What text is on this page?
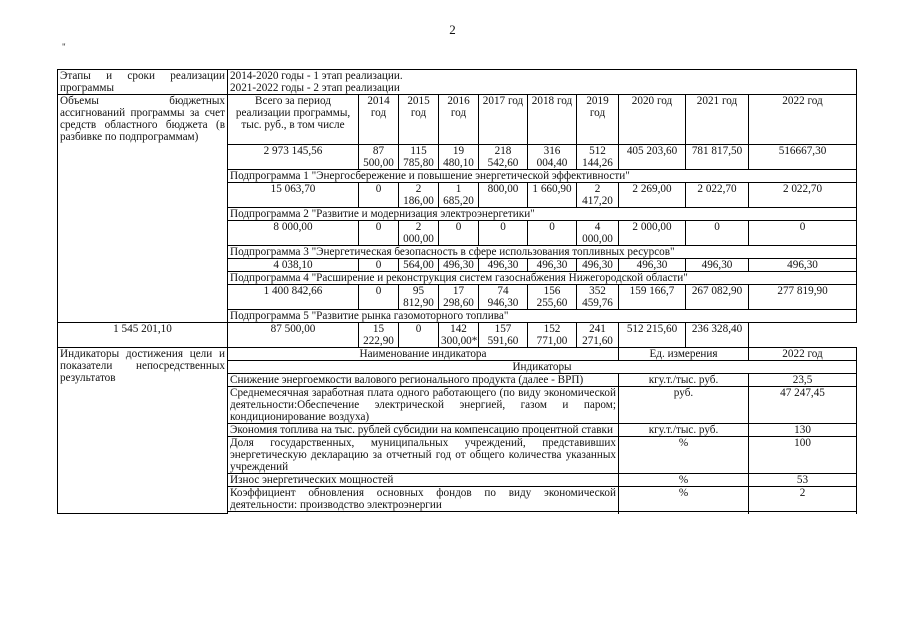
2
"
Этапы и сроки реализации программы	2014-2020 годы - 1 этап реализации.
2021-2022 годы - 2 этап реализации									

Объемы бюджетных ассигнований программы за счет средств областного бюджета (в разбивке по подпрограммам)	Всего за период реализации программы, тыс. руб., в том числе	2014 год	2015 год	2016 год	2017 год	2018 год	2019 год	2020 год	2021 год	2022 год
	2 973 145,56	87 500,00	115 785,80	19 480,10	218 542,60	316 004,40	512 144,26	405 203,60	781 817,50	516667,30
	Подпрограмма 1 "Энергосбережение и повышение энергетической эффективности"									
	15 063,70	0	2 186,00	1 685,20	800,00	1 660,90	2 417,20	2 269,00	2 022,70	2 022,70
	Подпрограмма 2 "Развитие и модернизация электроэнергетики"									
	8 000,00	0	2 000,00	0	0	0	4 000,00	2 000,00	0	0
	Подпрограмма 3 "Энергетическая безопасность в сфере использования топливных ресурсов"									
	4 038,10	0	564,00	496,30	496,30	496,30	496,30	496,30	496,30	496,30
	Подпрограмма 4 "Расширение и реконструкция систем газоснабжения Нижегородской области"									
	1 400 842,66	0	95 812,90	17 298,60	74 946,30	156 255,60	352 459,76	159 166,7	267 082,90	277 819,90
	Подпрограмма 5 "Развитие рынка газомоторного топлива"									
1 545 201,10	87 500,00	15 222,90	0	142 300,00*	157 591,60	152 771,00	241 271,60	512 215,60	236 328,40	
Индикаторы достижения цели и показатели непосредственных результатов	Наименование индикатора							Ед. измерения		2022 год
	Индикаторы									
	Снижение энергоемкости валового регионального продукта (далее - ВРП)							кгу.т./тыс. руб.		23,5
	Среднемесячная заработная плата одного работающего (по виду экономической деятельности:Обеспечение электрической энергией, газом и паром; кондиционирование воздуха)							руб.		47 247,45
	Экономия топлива на тыс. рублей субсидии на компенсацию процентной ставки							кгу.т./тыс. руб.		130
	Доля государственных, муниципальных учреждений, представивших энергетическую декларацию за отчетный год от общего количества указанных учреждений							%		100
	Износ энергетических мощностей							%		53
	Коэффициент обновления основных фондов по виду экономической деятельности: производство электроэнергии							%		2
